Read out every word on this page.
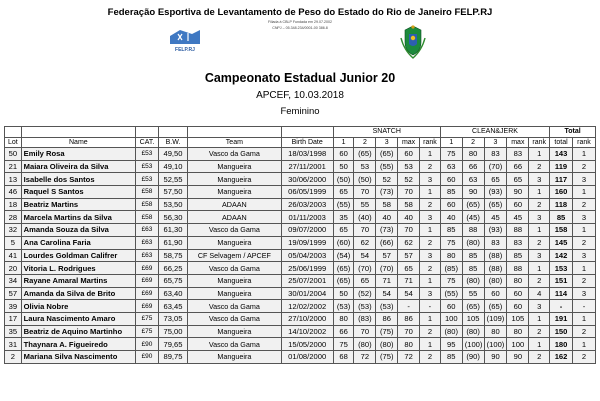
Federação Esportiva de Levantamento de Peso do Estado do Rio de Janeiro FELP.RJ
Filiada à CBLP Fundada em 29.07.2002
CNPJ – 05.348.234/0001-00 386.8
FELP.RJ
Campeonato Estadual Junior 20
APCEF, 10.03.2018
Feminino
						SNATCH					CLEAN&JERK					Total	
Lot	Name	CAT.	B.W.	Team	Birth Date	1	2	3	max	rank	1	2	3	max	rank	total	rank
50	Emily Rosa	£53	49,50	Vasco da Gama	18/03/1998	60	(65)	(65)	60	1	75	80	83	83	1	143	1
21	Maiara Oliveira da Silva	£53	49,10	Mangueira	27/11/2001	50	53	(55)	53	2	63	66	(70)	66	2	119	2
13	Isabelle dos Santos	£53	52,55	Mangueira	30/06/2000	(50)	(50)	52	52	3	60	63	65	65	3	117	3
46	Raquel S Santos	£58	57,50	Mangueira	06/05/1999	65	70	(73)	70	1	85	90	(93)	90	1	160	1
18	Beatriz Martins	£58	53,50	ADAAN	26/03/2003	(55)	55	58	58	2	60	(65)	(65)	60	2	118	2
28	Marcela Martins da Silva	£58	56,30	ADAAN	01/11/2003	35	(40)	40	40	3	40	(45)	45	45	3	85	3
32	Amanda Souza da Silva	£63	61,30	Vasco da Gama	09/07/2000	65	70	(73)	70	1	85	88	(93)	88	1	158	1
5	Ana Carolina Faria	£63	61,90	Mangueira	19/09/1999	(60)	62	(66)	62	2	75	(80)	83	83	2	145	2
41	Lourdes Goldman Califrer	£63	58,75	CF Selvagem / APCEF	05/04/2003	(54)	54	57	57	3	80	85	(88)	85	3	142	3
20	Vitoria L. Rodrigues	£69	66,25	Vasco da Gama	25/06/1999	(65)	(70)	(70)	65	2	(85)	85	(88)	88	1	153	1
34	Rayane Amaral Martins	£69	65,75	Mangueira	25/07/2001	(65)	65	71	71	1	75	(80)	(80)	80	2	151	2
57	Amanda da Silva de Brito	£69	63,40	Mangueira	30/01/2004	50	(52)	54	54	3	(55)	55	60	60	4	114	3
39	Olivia Nobre	£69	63,45	Vasco da Gama	12/02/2002	(53)	(53)	(53)	-	-	60	(65)	(65)	60	3	-	-
17	Laura Nascimento Amaro	£75	73,05	Vasco da Gama	27/10/2000	80	(83)	86	86	1	100	105	(109)	105	1	191	1
35	Beatriz de Aquino Martinho	£75	75,00	Mangueira	14/10/2002	66	70	(75)	70	2	(80)	(80)	80	80	2	150	2
31	Thaynara A. Figueiredo	£90	79,65	Vasco da Gama	15/05/2000	75	(80)	(80)	80	1	95	(100)	(100)	100	1	180	1
2	Mariana Silva Nascimento	£90	89,75	Mangueira	01/08/2000	68	72	(75)	72	2	85	(90)	90	90	2	162	2
